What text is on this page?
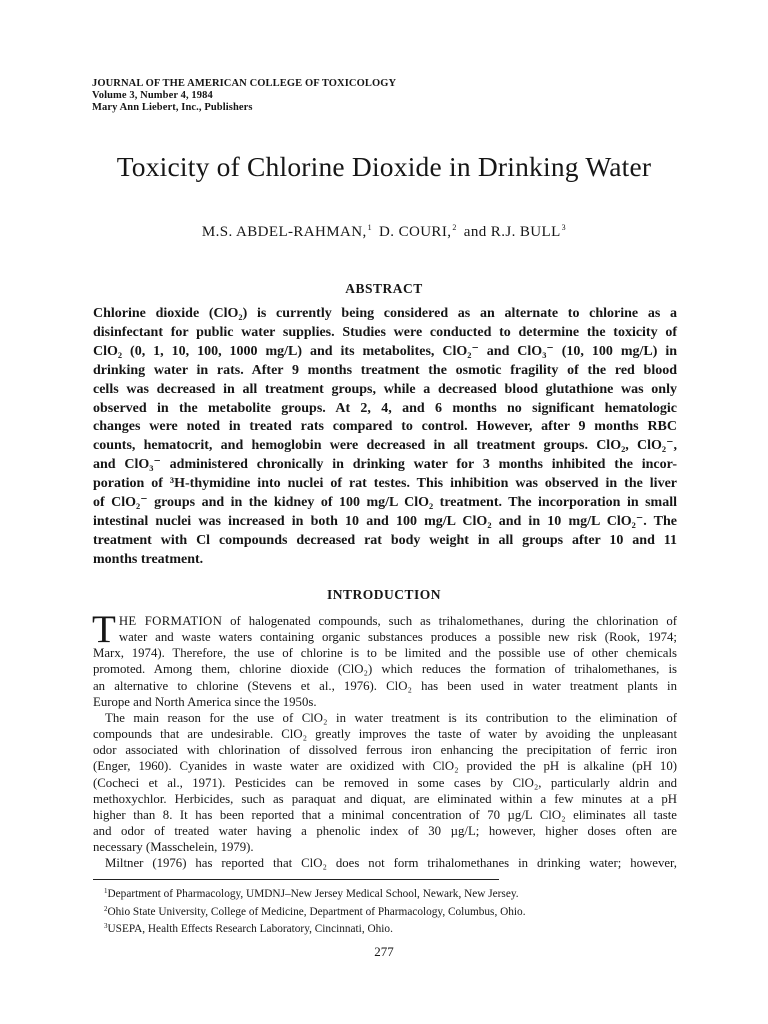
JOURNAL OF THE AMERICAN COLLEGE OF TOXICOLOGY
Volume 3, Number 4, 1984
Mary Ann Liebert, Inc., Publishers
Toxicity of Chlorine Dioxide in Drinking Water
M.S. ABDEL-RAHMAN,$^1$ D. COURI,$^2$ and R.J. BULL$^3$
ABSTRACT
Chlorine dioxide (ClO₂) is currently being considered as an alternate to chlorine as a
disinfectant for public water supplies. Studies were conducted to determine the toxicity of
ClO₂ (0, 1, 10, 100, 1000 mg/L) and its metabolites, ClO₂⁻ and ClO₃⁻ (10, 100 mg/L) in
drinking water in rats. After 9 months treatment the osmotic fragility of the red blood
cells was decreased in all treatment groups, while a decreased blood glutathione was only
observed in the metabolite groups. At 2, 4, and 6 months no significant hematologic
changes were noted in treated rats compared to control. However, after 9 months RBC
counts, hematocrit, and hemoglobin were decreased in all treatment groups. ClO₂, ClO₂⁻,
and ClO₃⁻ administered chronically in drinking water for 3 months inhibited the incor-
poration of ³H-thymidine into nuclei of rat testes. This inhibition was observed in the liver
of ClO₂⁻ groups and in the kidney of 100 mg/L ClO₂ treatment. The incorporation in small
intestinal nuclei was increased in both 10 and 100 mg/L ClO₂ and in 10 mg/L ClO₂⁻. The
treatment with Cl compounds decreased rat body weight in all groups after 10 and 11
months treatment.
INTRODUCTION
T HE FORMATION of halogenated compounds, such as trihalomethanes, during the chlorination of
water and waste waters containing organic substances produces a possible new risk (Rook, 1974;
Marx, 1974). Therefore, the use of chlorine is to be limited and the possible use of other chemicals
promoted. Among them, chlorine dioxide (ClO₂) which reduces the formation of trihalomethanes, is
an alternative to chlorine (Stevens et al., 1976). ClO₂ has been used in water treatment plants in
Europe and North America since the 1950s.
The main reason for the use of ClO₂ in water treatment is its contribution to the elimination of
compounds that are undesirable. ClO₂ greatly improves the taste of water by avoiding the unpleasant
odor associated with chlorination of dissolved ferrous iron enhancing the precipitation of ferric iron
(Enger, 1960). Cyanides in waste water are oxidized with ClO₂ provided the pH is alkaline (pH 10)
(Cocheci et al., 1971). Pesticides can be removed in some cases by ClO₂, particularly aldrin and
methoxychlor. Herbicides, such as paraquat and diquat, are eliminated within a few minutes at a pH
higher than 8. It has been reported that a minimal concentration of 70 µg/L ClO₂ eliminates all taste
and odor of treated water having a phenolic index of 30 µg/L; however, higher doses often are
necessary (Masschelein, 1979).
Miltner (1976) has reported that ClO₂ does not form trihalomethanes in drinking water; however,
$^1$Department of Pharmacology, UMDNJ–New Jersey Medical School, Newark, New Jersey.
$^2$Ohio State University, College of Medicine, Department of Pharmacology, Columbus, Ohio.
$^3$USEPA, Health Effects Research Laboratory, Cincinnati, Ohio.
277
